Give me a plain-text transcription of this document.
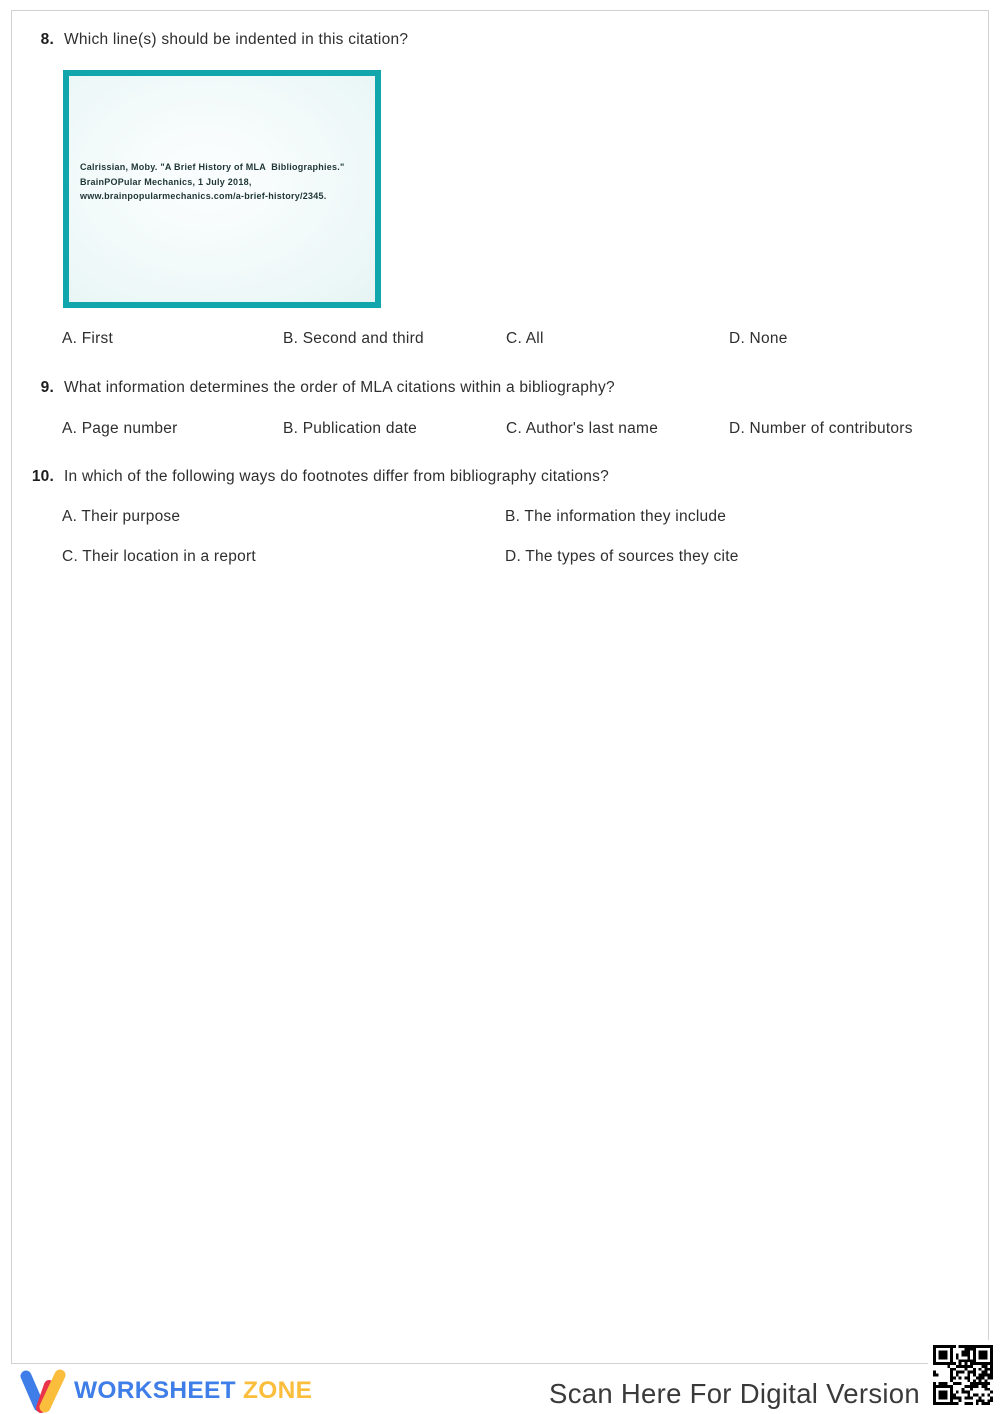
8. Which line(s) should be indented in this citation?
Calrissian, Moby. "A Brief History of MLA  Bibliographies."
BrainPOPular Mechanics, 1 July 2018,
www.brainpopularmechanics.com/a-brief-history/2345.
A. First	B. Second and third	C. All	D. None
9. What information determines the order of MLA citations within a bibliography?
A. Page number	B. Publication date	C. Author's last name	D. Number of contributors
10. In which of the following ways do footnotes differ from bibliography citations?
A. Their purpose	B. The information they include
C. Their location in a report	D. The types of sources they cite
WORKSHEET ZONE	Scan Here For Digital Version
